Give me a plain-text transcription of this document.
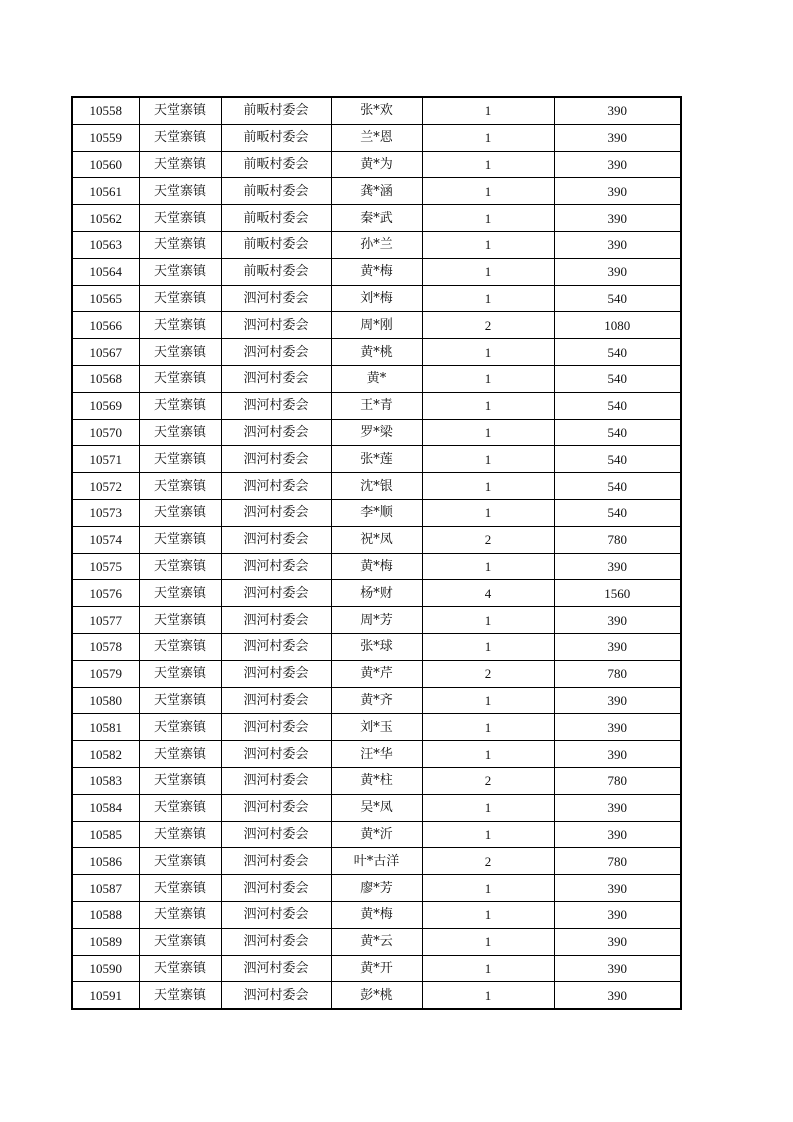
10558	天堂寨镇	前畈村委会	张*欢	1	390
10559	天堂寨镇	前畈村委会	兰*恩	1	390
10560	天堂寨镇	前畈村委会	黄*为	1	390
10561	天堂寨镇	前畈村委会	龚*涵	1	390
10562	天堂寨镇	前畈村委会	秦*武	1	390
10563	天堂寨镇	前畈村委会	孙*兰	1	390
10564	天堂寨镇	前畈村委会	黄*梅	1	390
10565	天堂寨镇	泗河村委会	刘*梅	1	540
10566	天堂寨镇	泗河村委会	周*刚	2	1080
10567	天堂寨镇	泗河村委会	黄*桃	1	540
10568	天堂寨镇	泗河村委会	黄*	1	540
10569	天堂寨镇	泗河村委会	王*青	1	540
10570	天堂寨镇	泗河村委会	罗*梁	1	540
10571	天堂寨镇	泗河村委会	张*莲	1	540
10572	天堂寨镇	泗河村委会	沈*银	1	540
10573	天堂寨镇	泗河村委会	李*顺	1	540
10574	天堂寨镇	泗河村委会	祝*凤	2	780
10575	天堂寨镇	泗河村委会	黄*梅	1	390
10576	天堂寨镇	泗河村委会	杨*财	4	1560
10577	天堂寨镇	泗河村委会	周*芳	1	390
10578	天堂寨镇	泗河村委会	张*球	1	390
10579	天堂寨镇	泗河村委会	黄*芹	2	780
10580	天堂寨镇	泗河村委会	黄*齐	1	390
10581	天堂寨镇	泗河村委会	刘*玉	1	390
10582	天堂寨镇	泗河村委会	汪*华	1	390
10583	天堂寨镇	泗河村委会	黄*柱	2	780
10584	天堂寨镇	泗河村委会	吴*凤	1	390
10585	天堂寨镇	泗河村委会	黄*沂	1	390
10586	天堂寨镇	泗河村委会	叶*古洋	2	780
10587	天堂寨镇	泗河村委会	廖*芳	1	390
10588	天堂寨镇	泗河村委会	黄*梅	1	390
10589	天堂寨镇	泗河村委会	黄*云	1	390
10590	天堂寨镇	泗河村委会	黄*开	1	390
10591	天堂寨镇	泗河村委会	彭*桃	1	390
